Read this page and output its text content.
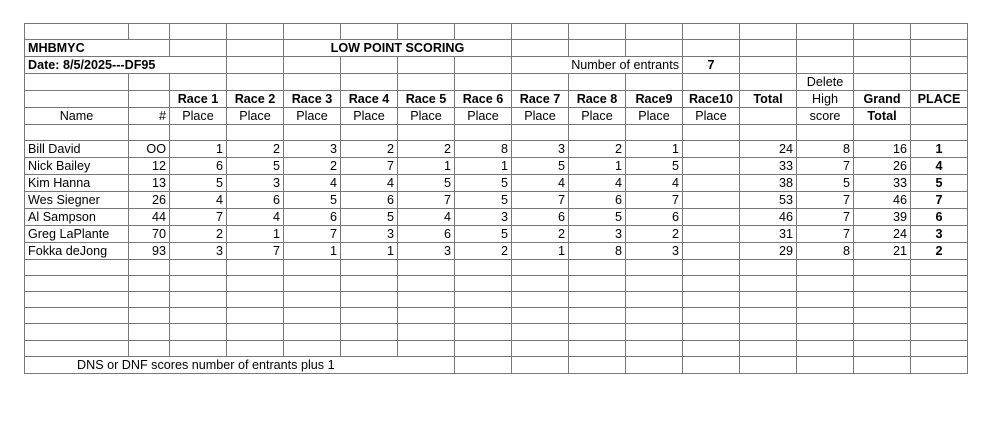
MHBMYC				LOW POINT SCORING											
Date: 8/5/2025---DF95								Number of entrants			7				
													Delete		
		Race 1	Race 2	Race 3	Race 4	Race 5	Race 6	Race 7	Race 8	Race9	Race10	Total	High	Grand	PLACE
Name	#	Place	Place	Place	Place	Place	Place	Place	Place	Place	Place		score	Total	

Bill David	OO	1	2	3	2	2	8	3	2	1		24	8	16	1
Nick Bailey	12	6	5	2	7	1	1	5	1	5		33	7	26	4
Kim Hanna	13	5	3	4	4	5	5	4	4	4		38	5	33	5
Wes Siegner	26	4	6	5	6	7	5	7	6	7		53	7	46	7
Al Sampson	44	7	4	6	5	4	3	6	5	6		46	7	39	6
Greg LaPlante	70	2	1	7	3	6	5	2	3	2		31	7	24	3
Fokka deJong	93	3	7	1	1	3	2	1	8	3		29	8	21	2

DNS or DNF scores number of entrants plus 1															
